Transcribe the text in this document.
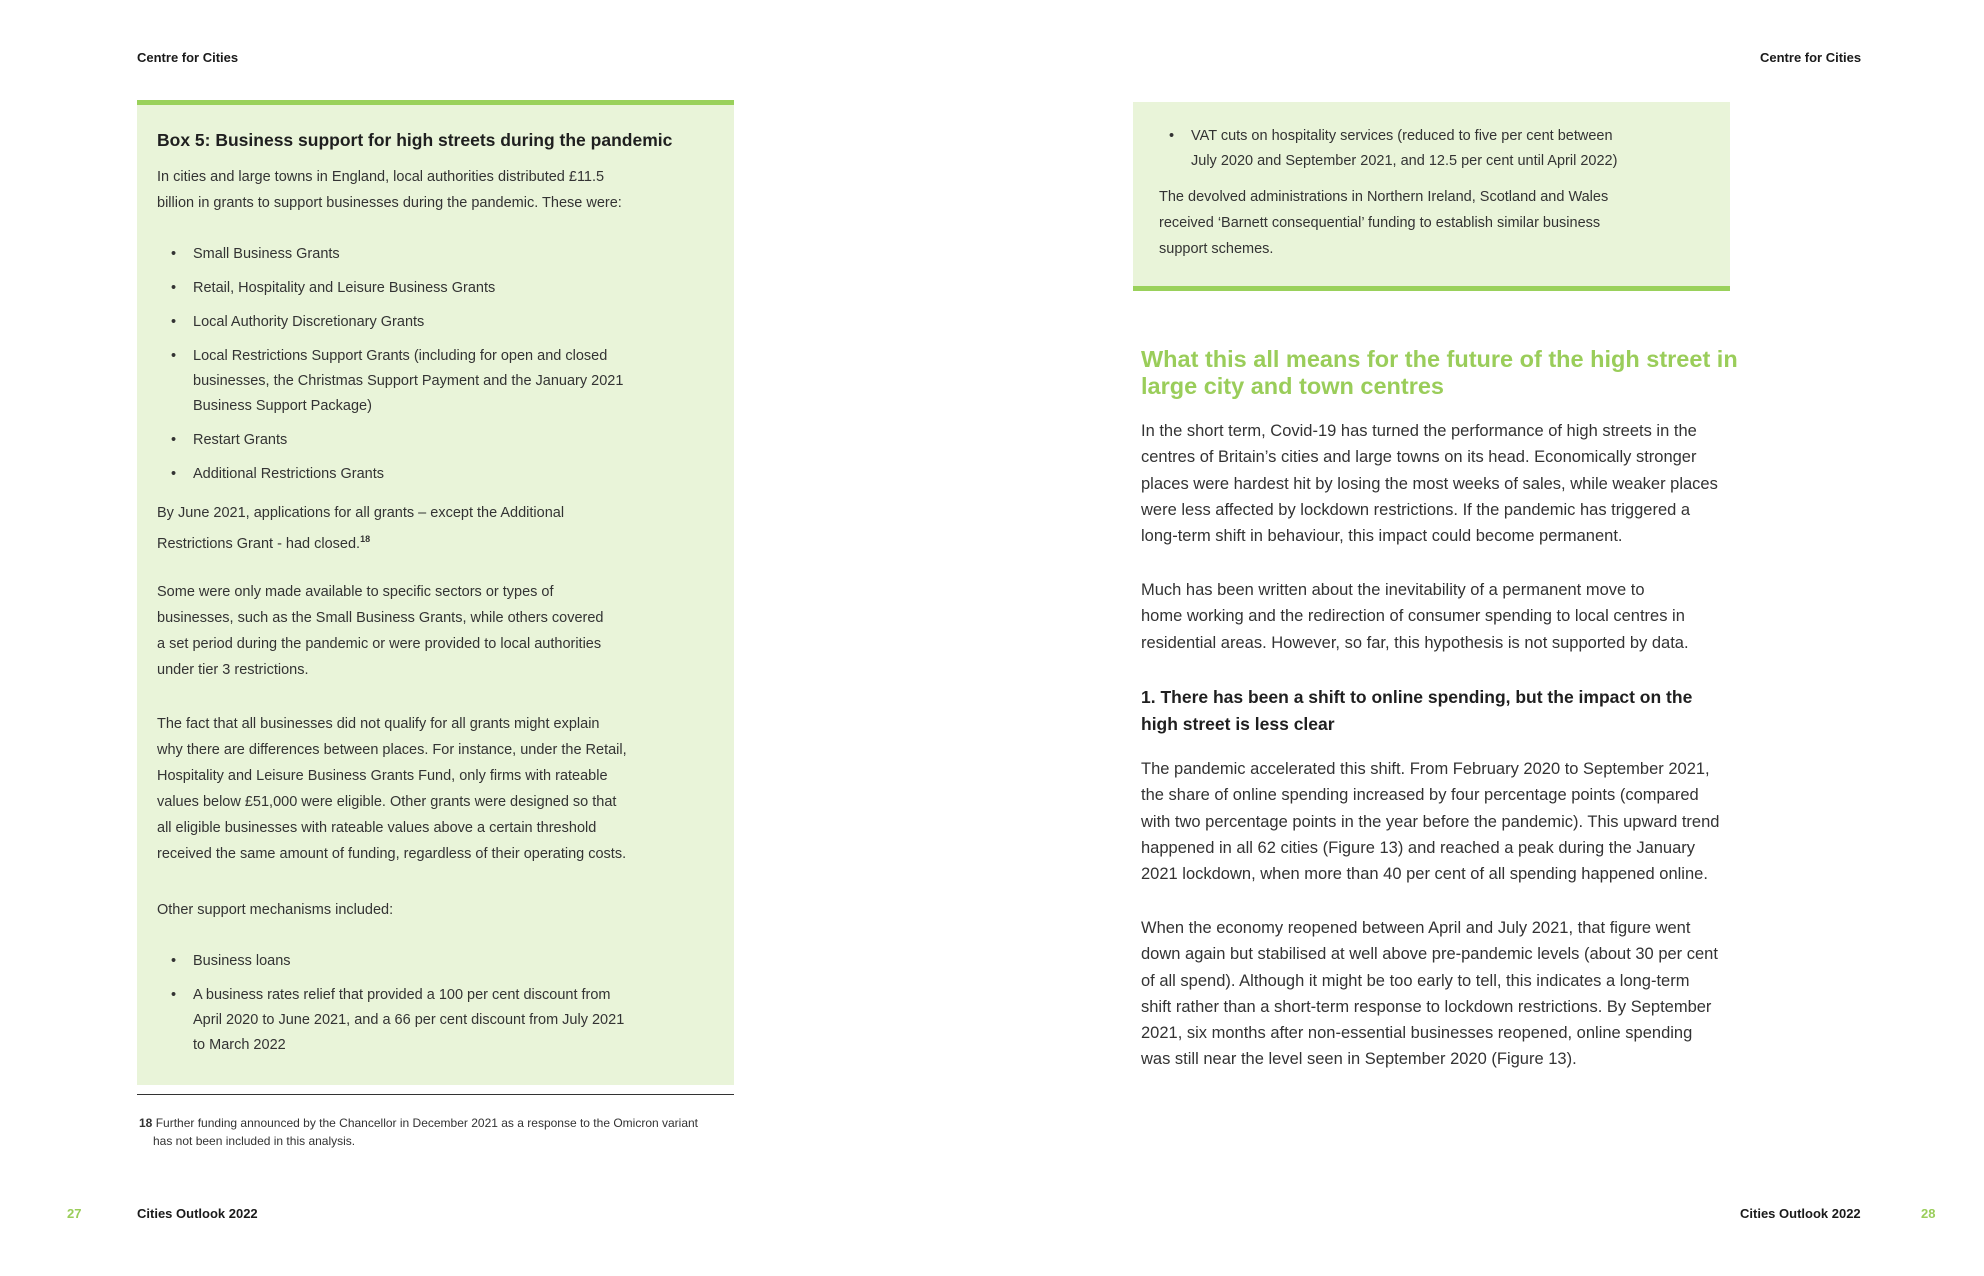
Centre for Cities	Centre for Cities
Box 5: Business support for high streets during the pandemic

In cities and large towns in England, local authorities distributed £11.5

billion in grants to support businesses during the pandemic. These were:

• Small Business Grants
• Retail, Hospitality and Leisure Business Grants
• Local Authority Discretionary Grants
• Local Restrictions Support Grants (including for open and closed
businesses, the Christmas Support Payment and the January 2021
Business Support Package)
• Restart Grants
• Additional Restrictions Grants

By June 2021, applications for all grants – except the Additional

Restrictions Grant - had closed.$^{18}$

Some were only made available to specific sectors or types of

businesses, such as the Small Business Grants, while others covered

a set period during the pandemic or were provided to local authorities

under tier 3 restrictions.

The fact that all businesses did not qualify for all grants might explain

why there are differences between places. For instance, under the Retail,

Hospitality and Leisure Business Grants Fund, only firms with rateable

values below £51,000 were eligible. Other grants were designed so that

all eligible businesses with rateable values above a certain threshold

received the same amount of funding, regardless of their operating costs.

Other support mechanisms included:
• Business loans
• A business rates relief that provided a 100 per cent discount from
April 2020 to June 2021, and a 66 per cent discount from July 2021
to March 2022
18 Further funding announced by the Chancellor in December 2021 as a response to the Omicron variant
has not been included in this analysis.
• VAT cuts on hospitality services (reduced to five per cent between
July 2020 and September 2021, and 12.5 per cent until April 2022)

The devolved administrations in Northern Ireland, Scotland and Wales

received ‘Barnett consequential’ funding to establish similar business

support schemes.

What this all means for the future of the high street in
large city and town centres

In the short term, Covid-19 has turned the performance of high streets in the

centres of Britain’s cities and large towns on its head. Economically stronger

places were hardest hit by losing the most weeks of sales, while weaker places

were less affected by lockdown restrictions. If the pandemic has triggered a

long-term shift in behaviour, this impact could become permanent.

Much has been written about the inevitability of a permanent move to

home working and the redirection of consumer spending to local centres in

residential areas. However, so far, this hypothesis is not supported by data.

1. There has been a shift to online spending, but the impact on the
high street is less clear

The pandemic accelerated this shift. From February 2020 to September 2021,

the share of online spending increased by four percentage points (compared

with two percentage points in the year before the pandemic). This upward trend

happened in all 62 cities (Figure 13) and reached a peak during the January

2021 lockdown, when more than 40 per cent of all spending happened online.

When the economy reopened between April and July 2021, that figure went

down again but stabilised at well above pre-pandemic levels (about 30 per cent

of all spend). Although it might be too early to tell, this indicates a long-term

shift rather than a short-term response to lockdown restrictions. By September

2021, six months after non-essential businesses reopened, online spending

was still near the level seen in September 2020 (Figure 13).

27	Cities Outlook 2022	Cities Outlook 2022	28
